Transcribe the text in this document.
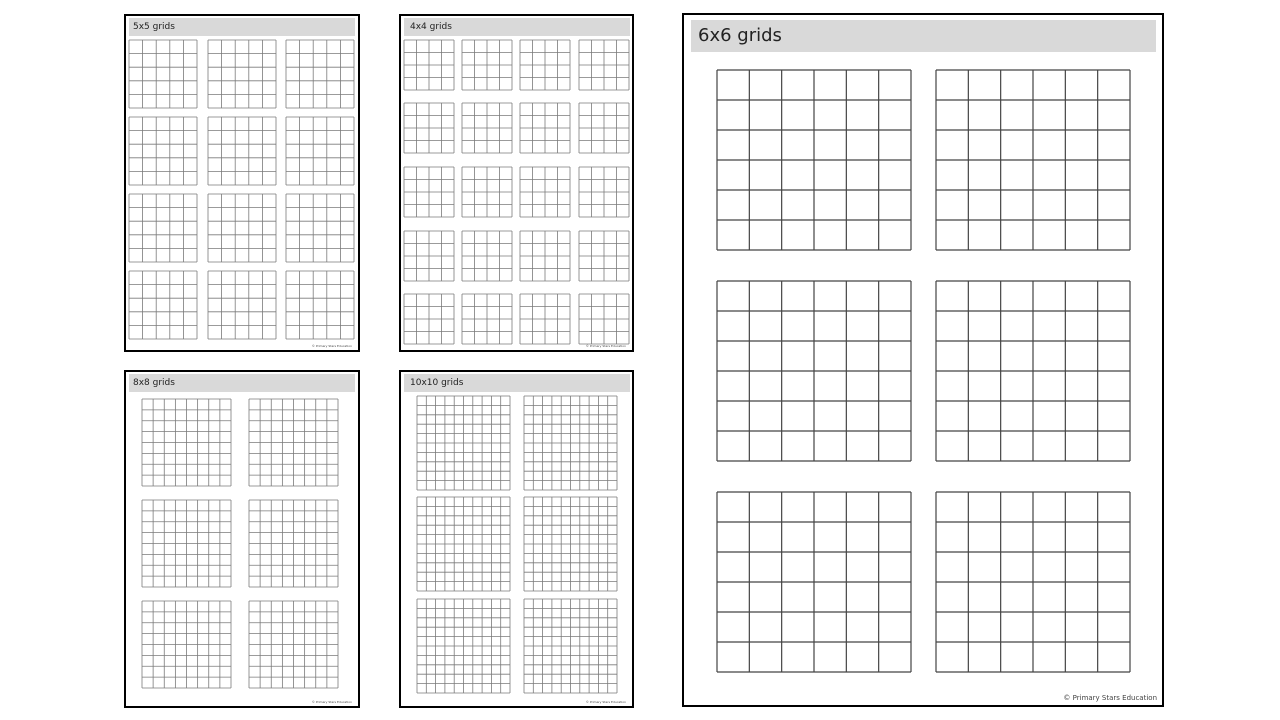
5x5 grids
© Primary Stars Education
4x4 grids
© Primary Stars Education
8x8 grids
© Primary Stars Education
10x10 grids
© Primary Stars Education
6x6 grids
© Primary Stars Education
